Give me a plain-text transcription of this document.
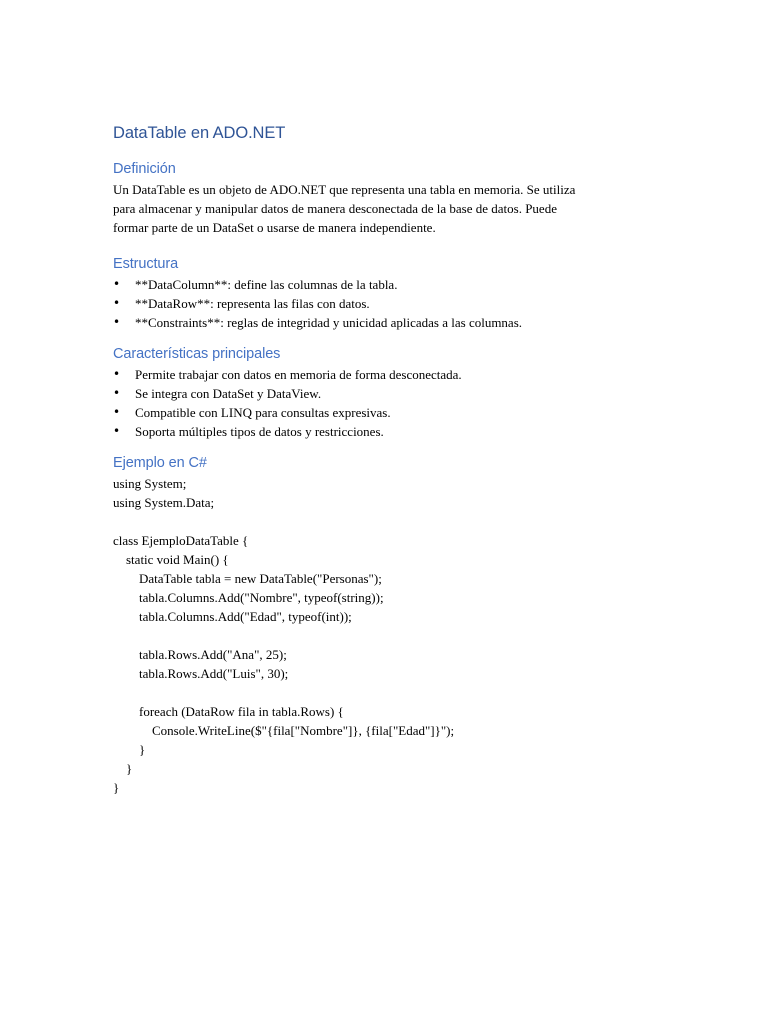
DataTable en ADO.NET
Definición

Un DataTable es un objeto de ADO.NET que representa una tabla en memoria. Se utiliza
para almacenar y manipular datos de manera desconectada de la base de datos. Puede
formar parte de un DataSet o usarse de manera independiente.

Estructura
• **DataColumn**: define las columnas de la tabla.
• **DataRow**: representa las filas con datos.
• **Constraints**: reglas de integridad y unicidad aplicadas a las columnas.
Características principales
• Permite trabajar con datos en memoria de forma desconectada.
• Se integra con DataSet y DataView.
• Compatible con LINQ para consultas expresivas.
• Soporta múltiples tipos de datos y restricciones.
Ejemplo en C#
using System;
using System.Data;
class EjemploDataTable {
static void Main() {
DataTable tabla = new DataTable("Personas");
tabla.Columns.Add("Nombre", typeof(string));
tabla.Columns.Add("Edad", typeof(int));
tabla.Rows.Add("Ana", 25);
tabla.Rows.Add("Luis", 30);
foreach (DataRow fila in tabla.Rows) {
Console.WriteLine($"{fila["Nombre"]}, {fila["Edad"]}");
}
}
}
